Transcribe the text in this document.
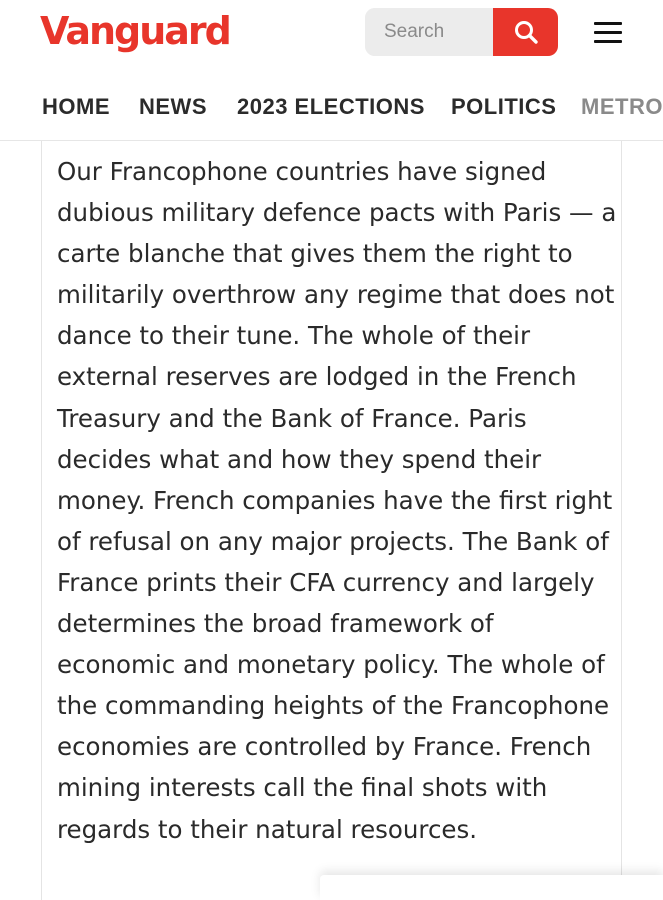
Vanguard
Search
HOME NEWS 2023 ELECTIONS POLITICS METRO

Our Francophone countries have signed dubious military defence pacts with Paris — a carte blanche that gives them the right to militarily overthrow any regime that does not dance to their tune. The whole of their external reserves are lodged in the French Treasury and the Bank of France. Paris decides what and how they spend their money. French companies have the first right of refusal on any major projects. The Bank of France prints their CFA currency and largely determines the broad framework of economic and monetary policy. The whole of the commanding heights of the Francophone economies are controlled by France. French mining interests call the final shots with regards to their natural resources.
